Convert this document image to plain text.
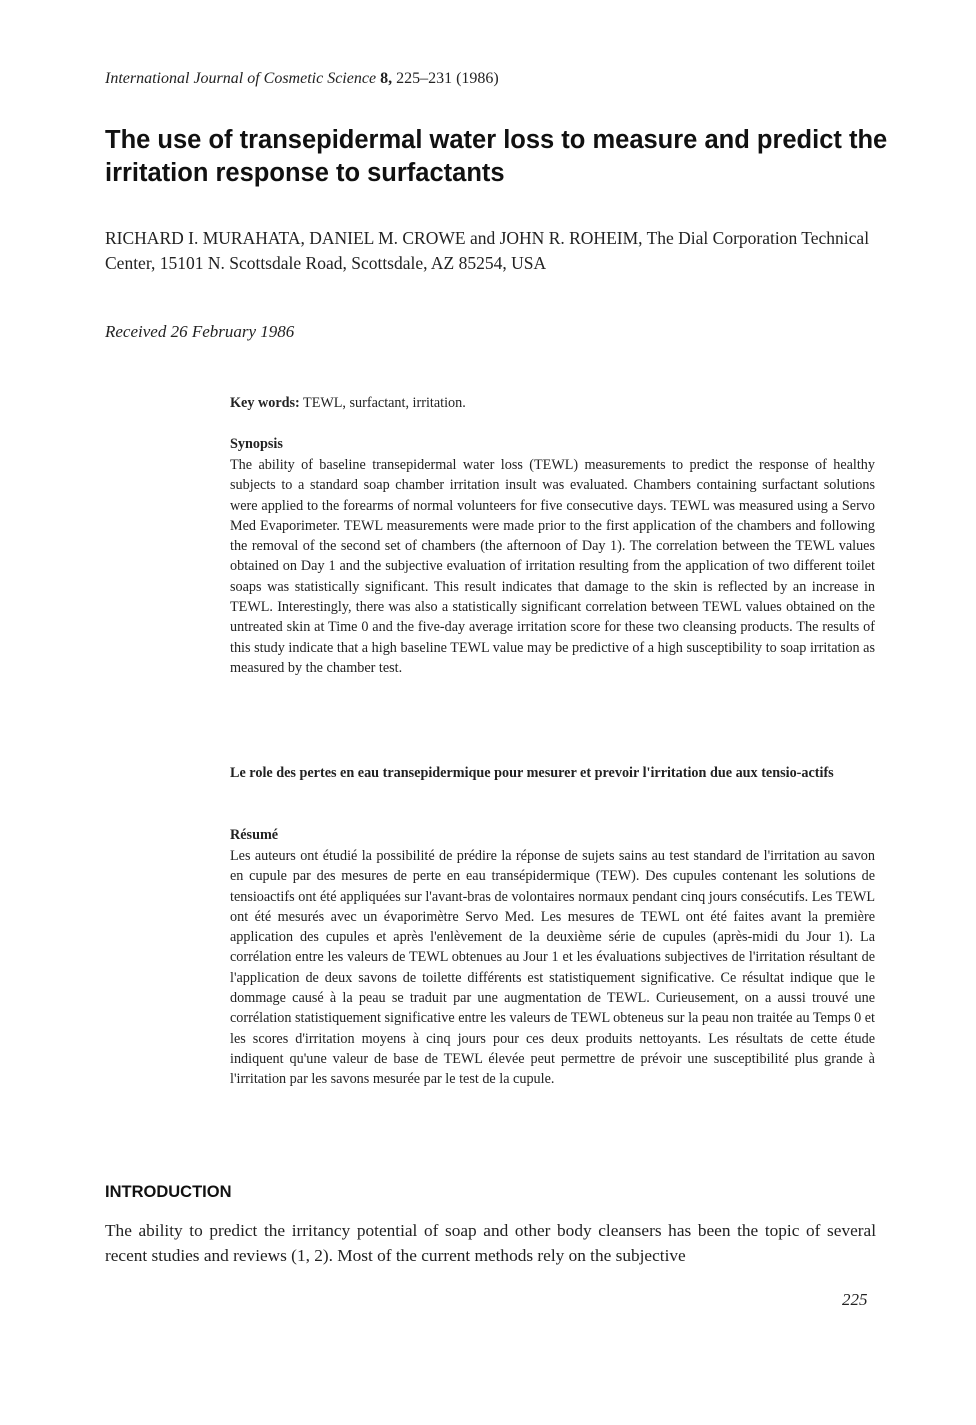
International Journal of Cosmetic Science 8, 225–231 (1986)
The use of transepidermal water loss to measure and predict the irritation response to surfactants
RICHARD I. MURAHATA, DANIEL M. CROWE and JOHN R. ROHEIM, The Dial Corporation Technical Center, 15101 N. Scottsdale Road, Scottsdale, AZ 85254, USA
Received 26 February 1986
Key words: TEWL, surfactant, irritation.
Synopsis
The ability of baseline transepidermal water loss (TEWL) measurements to predict the response of healthy subjects to a standard soap chamber irritation insult was evaluated. Chambers containing surfactant solutions were applied to the forearms of normal volunteers for five consecutive days. TEWL was measured using a Servo Med Evaporimeter. TEWL measurements were made prior to the first application of the chambers and following the removal of the second set of chambers (the afternoon of Day 1). The correlation between the TEWL values obtained on Day 1 and the subjective evaluation of irritation resulting from the application of two different toilet soaps was statistically significant. This result indicates that damage to the skin is reflected by an increase in TEWL. Interestingly, there was also a statistically significant correlation between TEWL values obtained on the untreated skin at Time 0 and the five-day average irritation score for these two cleansing products. The results of this study indicate that a high baseline TEWL value may be predictive of a high susceptibility to soap irritation as measured by the chamber test.
Le role des pertes en eau transepidermique pour mesurer et prevoir l'irritation due aux tensio-actifs
Résumé
Les auteurs ont étudié la possibilité de prédire la réponse de sujets sains au test standard de l'irritation au savon en cupule par des mesures de perte en eau transépidermique (TEW). Des cupules contenant les solutions de tensioactifs ont été appliquées sur l'avant-bras de volontaires normaux pendant cinq jours consécutifs. Les TEWL ont été mesurés avec un évaporimètre Servo Med. Les mesures de TEWL ont été faites avant la première application des cupules et après l'enlèvement de la deuxième série de cupules (après-midi du Jour 1). La corrélation entre les valeurs de TEWL obtenues au Jour 1 et les évaluations subjectives de l'irritation résultant de l'application de deux savons de toilette différents est statistiquement significative. Ce résultat indique que le dommage causé à la peau se traduit par une augmentation de TEWL. Curieusement, on a aussi trouvé une corrélation statistiquement significative entre les valeurs de TEWL obteneus sur la peau non traitée au Temps 0 et les scores d'irritation moyens à cinq jours pour ces deux produits nettoyants. Les résultats de cette étude indiquent qu'une valeur de base de TEWL élevée peut permettre de prévoir une susceptibilité plus grande à l'irritation par les savons mesurée par le test de la cupule.
INTRODUCTION
The ability to predict the irritancy potential of soap and other body cleansers has been the topic of several recent studies and reviews (1, 2). Most of the current methods rely on the subjective
225
